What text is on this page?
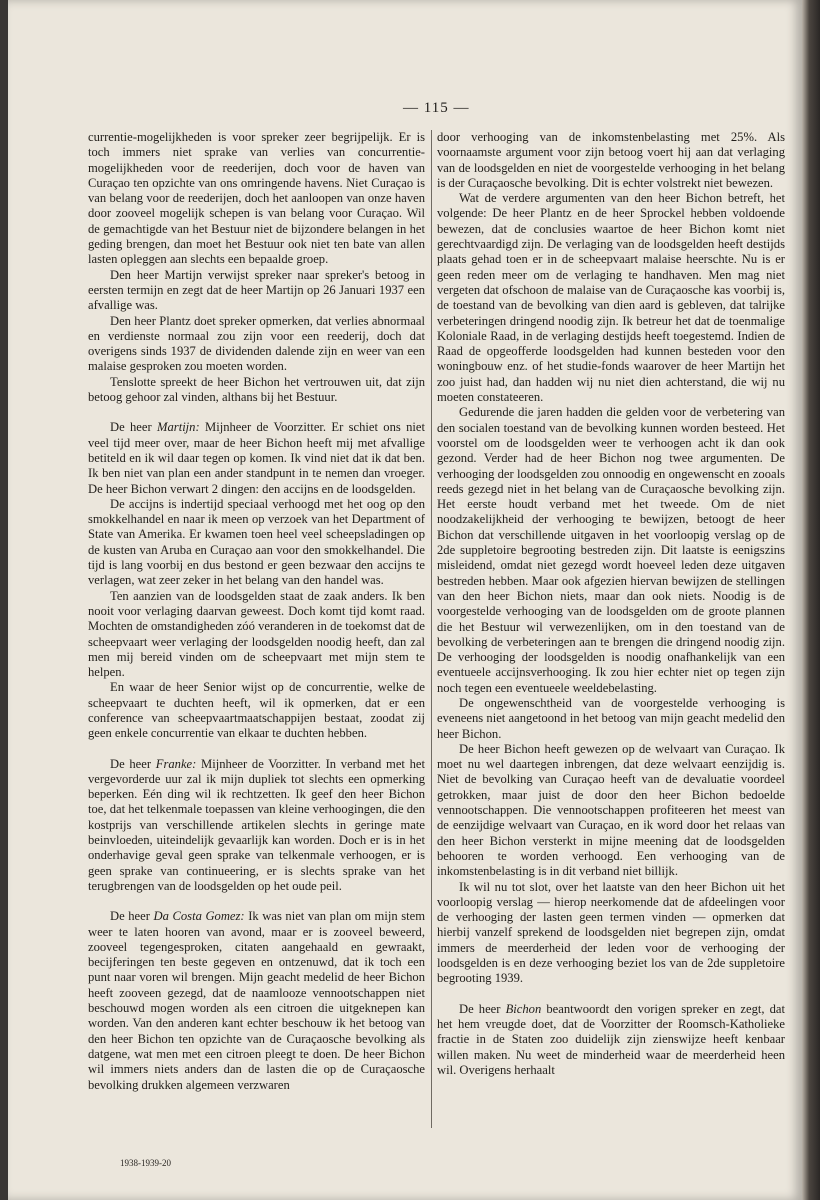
— 115 —

currentie-mogelijkheden is voor spreker zeer begrijpelijk. Er is toch immers niet sprake van verlies van concurrentie-mogelijkheden voor de reederijen, doch voor de haven van Curaçao ten opzichte van ons omringende havens. Niet Curaçao is van belang voor de reederijen, doch het aanloopen van onze haven door zooveel mogelijk schepen is van belang voor Curaçao. Wil de gemachtigde van het Bestuur niet de bijzondere belangen in het geding brengen, dan moet het Bestuur ook niet ten bate van allen lasten opleggen aan slechts een bepaalde groep.

Den heer Martijn verwijst spreker naar spreker's betoog in eersten termijn en zegt dat de heer Martijn op 26 Januari 1937 een afvallige was.

Den heer Plantz doet spreker opmerken, dat verlies abnormaal en verdienste normaal zou zijn voor een reederij, doch dat overigens sinds 1937 de dividenden dalende zijn en weer van een malaise gesproken zou moeten worden.

Tenslotte spreekt de heer Bichon het vertrouwen uit, dat zijn betoog gehoor zal vinden, althans bij het Bestuur.

De heer Martijn: Mijnheer de Voorzitter. Er schiet ons niet veel tijd meer over, maar de heer Bichon heeft mij met afvallige betiteld en ik wil daar tegen op komen. Ik vind niet dat ik dat ben. Ik ben niet van plan een ander standpunt in te nemen dan vroeger. De heer Bichon verwart 2 dingen: den accijns en de loodsgelden.

De accijns is indertijd speciaal verhoogd met het oog op den smokkelhandel en naar ik meen op verzoek van het Department of State van Amerika. Er kwamen toen heel veel scheepsladingen op de kusten van Aruba en Curaçao aan voor den smokkelhandel. Die tijd is lang voorbij en dus bestond er geen bezwaar den accijns te verlagen, wat zeer zeker in het belang van den handel was.

Ten aanzien van de loodsgelden staat de zaak anders. Ik ben nooit voor verlaging daarvan geweest. Doch komt tijd komt raad. Mochten de omstandigheden zóó veranderen in de toekomst dat de scheepvaart weer verlaging der loodsgelden noodig heeft, dan zal men mij bereid vinden om de scheepvaart met mijn stem te helpen.

En waar de heer Senior wijst op de concurrentie, welke de scheepvaart te duchten heeft, wil ik opmerken, dat er een conference van scheepvaartmaatschappijen bestaat, zoodat zij geen enkele concurrentie van elkaar te duchten hebben.

De heer Franke: Mijnheer de Voorzitter. In verband met het vergevorderde uur zal ik mijn dupliek tot slechts een opmerking beperken. Eén ding wil ik rechtzetten. Ik geef den heer Bichon toe, dat het telkenmale toepassen van kleine verhoogingen, die den kostprijs van verschillende artikelen slechts in geringe mate beinvloeden, uiteindelijk gevaarlijk kan worden. Doch er is in het onderhavige geval geen sprake van telkenmale verhoogen, er is geen sprake van continueering, er is slechts sprake van het terugbrengen van de loodsgelden op het oude peil.

De heer Da Costa Gomez: Ik was niet van plan om mijn stem weer te laten hooren van avond, maar er is zooveel beweerd, zooveel tegengesproken, citaten aangehaald en gewraakt, becijferingen ten beste gegeven en ontzenuwd, dat ik toch een punt naar voren wil brengen. Mijn geacht medelid de heer Bichon heeft zooveen gezegd, dat de naamlooze vennootschappen niet beschouwd mogen worden als een citroen die uitgeknepen kan worden. Van den anderen kant echter beschouw ik het betoog van den heer Bichon ten opzichte van de Curaçaosche bevolking als datgene, wat men met een citroen pleegt te doen. De heer Bichon wil immers niets anders dan de lasten die op de Curaçaosche bevolking drukken algemeen verzwaren

door verhooging van de inkomstenbelasting met 25%. Als voornaamste argument voor zijn betoog voert hij aan dat verlaging van de loodsgelden en niet de voorgestelde verhooging in het belang is der Curaçaosche bevolking. Dit is echter volstrekt niet bewezen.

Wat de verdere argumenten van den heer Bichon betreft, het volgende: De heer Plantz en de heer Sprockel hebben voldoende bewezen, dat de conclusies waartoe de heer Bichon komt niet gerechtvaardigd zijn. De verlaging van de loodsgelden heeft destijds plaats gehad toen er in de scheepvaart malaise heerschte. Nu is er geen reden meer om de verlaging te handhaven. Men mag niet vergeten dat ofschoon de malaise van de Curaçaosche kas voorbij is, de toestand van de bevolking van dien aard is gebleven, dat talrijke verbeteringen dringend noodig zijn. Ik betreur het dat de toenmalige Koloniale Raad, in de verlaging destijds heeft toegestemd. Indien de Raad de opgeofferde loodsgelden had kunnen besteden voor den woningbouw enz. of het studie-fonds waarover de heer Martijn het zoo juist had, dan hadden wij nu niet dien achterstand, die wij nu moeten constateeren.

Gedurende die jaren hadden die gelden voor de verbetering van den socialen toestand van de bevolking kunnen worden besteed. Het voorstel om de loodsgelden weer te verhoogen acht ik dan ook gezond. Verder had de heer Bichon nog twee argumenten. De verhooging der loodsgelden zou onnoodig en ongewenscht en zooals reeds gezegd niet in het belang van de Curaçaosche bevolking zijn. Het eerste houdt verband met het tweede. Om de niet noodzakelijkheid der verhooging te bewijzen, betoogt de heer Bichon dat verschillende uitgaven in het voorloopig verslag op de 2de suppletoire begrooting bestreden zijn. Dit laatste is eenigszins misleidend, omdat niet gezegd wordt hoeveel leden deze uitgaven bestreden hebben. Maar ook afgezien hiervan bewijzen de stellingen van den heer Bichon niets, maar dan ook niets. Noodig is de voorgestelde verhooging van de loodsgelden om de groote plannen die het Bestuur wil verwezenlijken, om in den toestand van de bevolking de verbeteringen aan te brengen die dringend noodig zijn. De verhooging der loodsgelden is noodig onafhankelijk van een eventueele accijnsverhooging. Ik zou hier echter niet op tegen zijn noch tegen een eventueele weeldebelasting.

De ongewenschtheid van de voorgestelde verhooging is eveneens niet aangetoond in het betoog van mijn geacht medelid den heer Bichon.

De heer Bichon heeft gewezen op de welvaart van Curaçao. Ik moet nu wel daartegen inbrengen, dat deze welvaart eenzijdig is. Niet de bevolking van Curaçao heeft van de devaluatie voordeel getrokken, maar juist de door den heer Bichon bedoelde vennootschappen. Die vennootschappen profiteeren het meest van de eenzijdige welvaart van Curaçao, en ik word door het relaas van den heer Bichon versterkt in mijne meening dat de loodsgelden behooren te worden verhoogd. Een verhooging van de inkomstenbelasting is in dit verband niet billijk.

Ik wil nu tot slot, over het laatste van den heer Bichon uit het voorloopig verslag — hierop neerkomende dat de afdeelingen voor de verhooging der lasten geen termen vinden — opmerken dat hierbij vanzelf sprekend de loodsgelden niet begrepen zijn, omdat immers de meerderheid der leden voor de verhooging der loodsgelden is en deze verhooging beziet los van de 2de suppletoire begrooting 1939.

De heer Bichon beantwoordt den vorigen spreker en zegt, dat het hem vreugde doet, dat de Voorzitter der Roomsch-Katholieke fractie in de Staten zoo duidelijk zijn zienswijze heeft kenbaar willen maken. Nu weet de minderheid waar de meerderheid heen wil. Overigens herhaalt

1938-1939-20
